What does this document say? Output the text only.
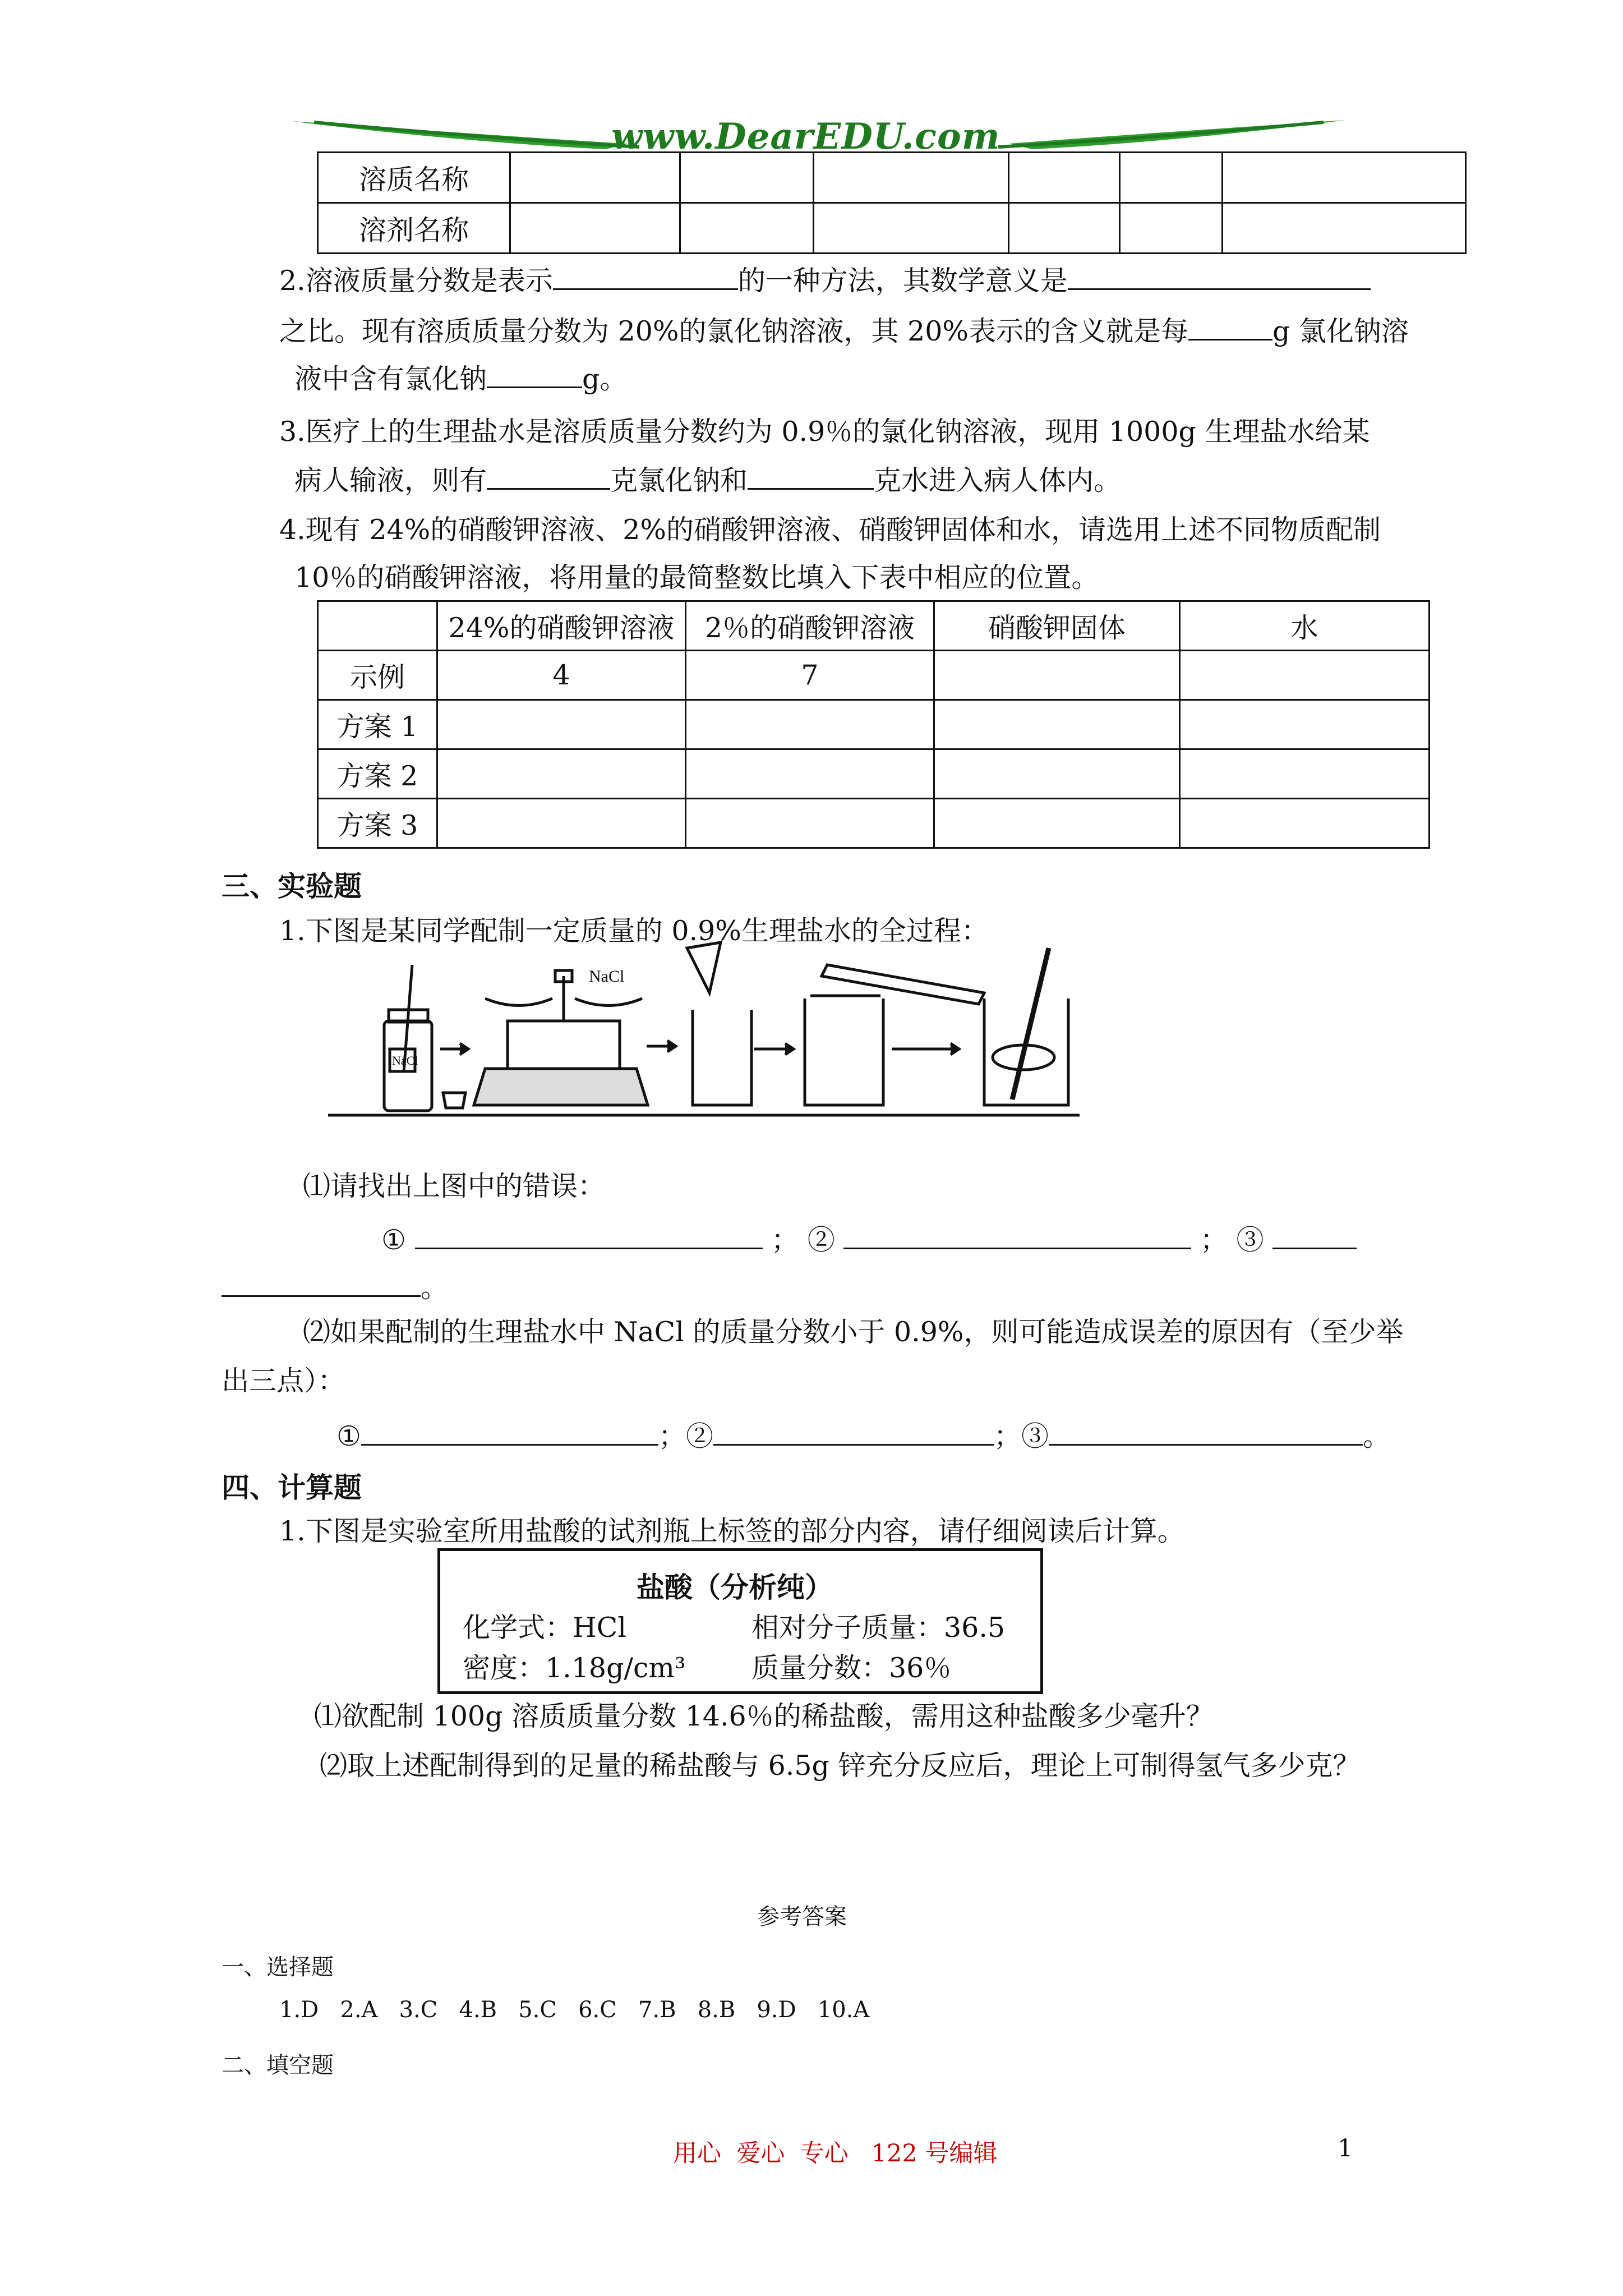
www.DearEDU.com
溶质名称						
溶剂名称						
2.溶液质量分数是表示	的一种方法，其数学意义是
之比。现有溶质质量分数为 20%的氯化钠溶液，其 20%表示的含义就是每	g 氯化钠溶
液中含有氯化钠	g。
3.医疗上的生理盐水是溶质质量分数约为 0.9％的氯化钠溶液，现用 1000g 生理盐水给某
病人输液，则有	克氯化钠和	克水进入病人体内。
4.现有 24%的硝酸钾溶液、2%的硝酸钾溶液、硝酸钾固体和水，请选用上述不同物质配制
10％的硝酸钾溶液，将用量的最简整数比填入下表中相应的位置。
	24%的硝酸钾溶液	2％的硝酸钾溶液	硝酸钾固体	水
示例	4	7		
方案 1				
方案 2				
方案 3				
三、实验题
1.下图是某同学配制一定质量的 0.9%生理盐水的全过程：
NaCl
NaCl
⑴请找出上图中的错误：
①	； ②	； ③
。
⑵如果配制的生理盐水中 NaCl 的质量分数小于 0.9%，则可能造成误差的原因有（至少举
出三点）：
①	；②	；③	。
四、计算题
1.下图是实验室所用盐酸的试剂瓶上标签的部分内容，请仔细阅读后计算。
盐酸（分析纯）
化学式：HCl	相对分子质量：36.5
密度：1.18g/cm³ 质量分数：36％
⑴欲配制 100g 溶质质量分数 14.6％的稀盐酸，需用这种盐酸多少毫升？
⑵取上述配制得到的足量的稀盐酸与 6.5g 锌充分反应后，理论上可制得氢气多少克？
参考答案
一、选择题
1.D   2.A   3.C   4.B   5.C   6.C   7.B   8.B   9.D   10.A
二、填空题
用心  爱心  专心   122 号编辑	1
